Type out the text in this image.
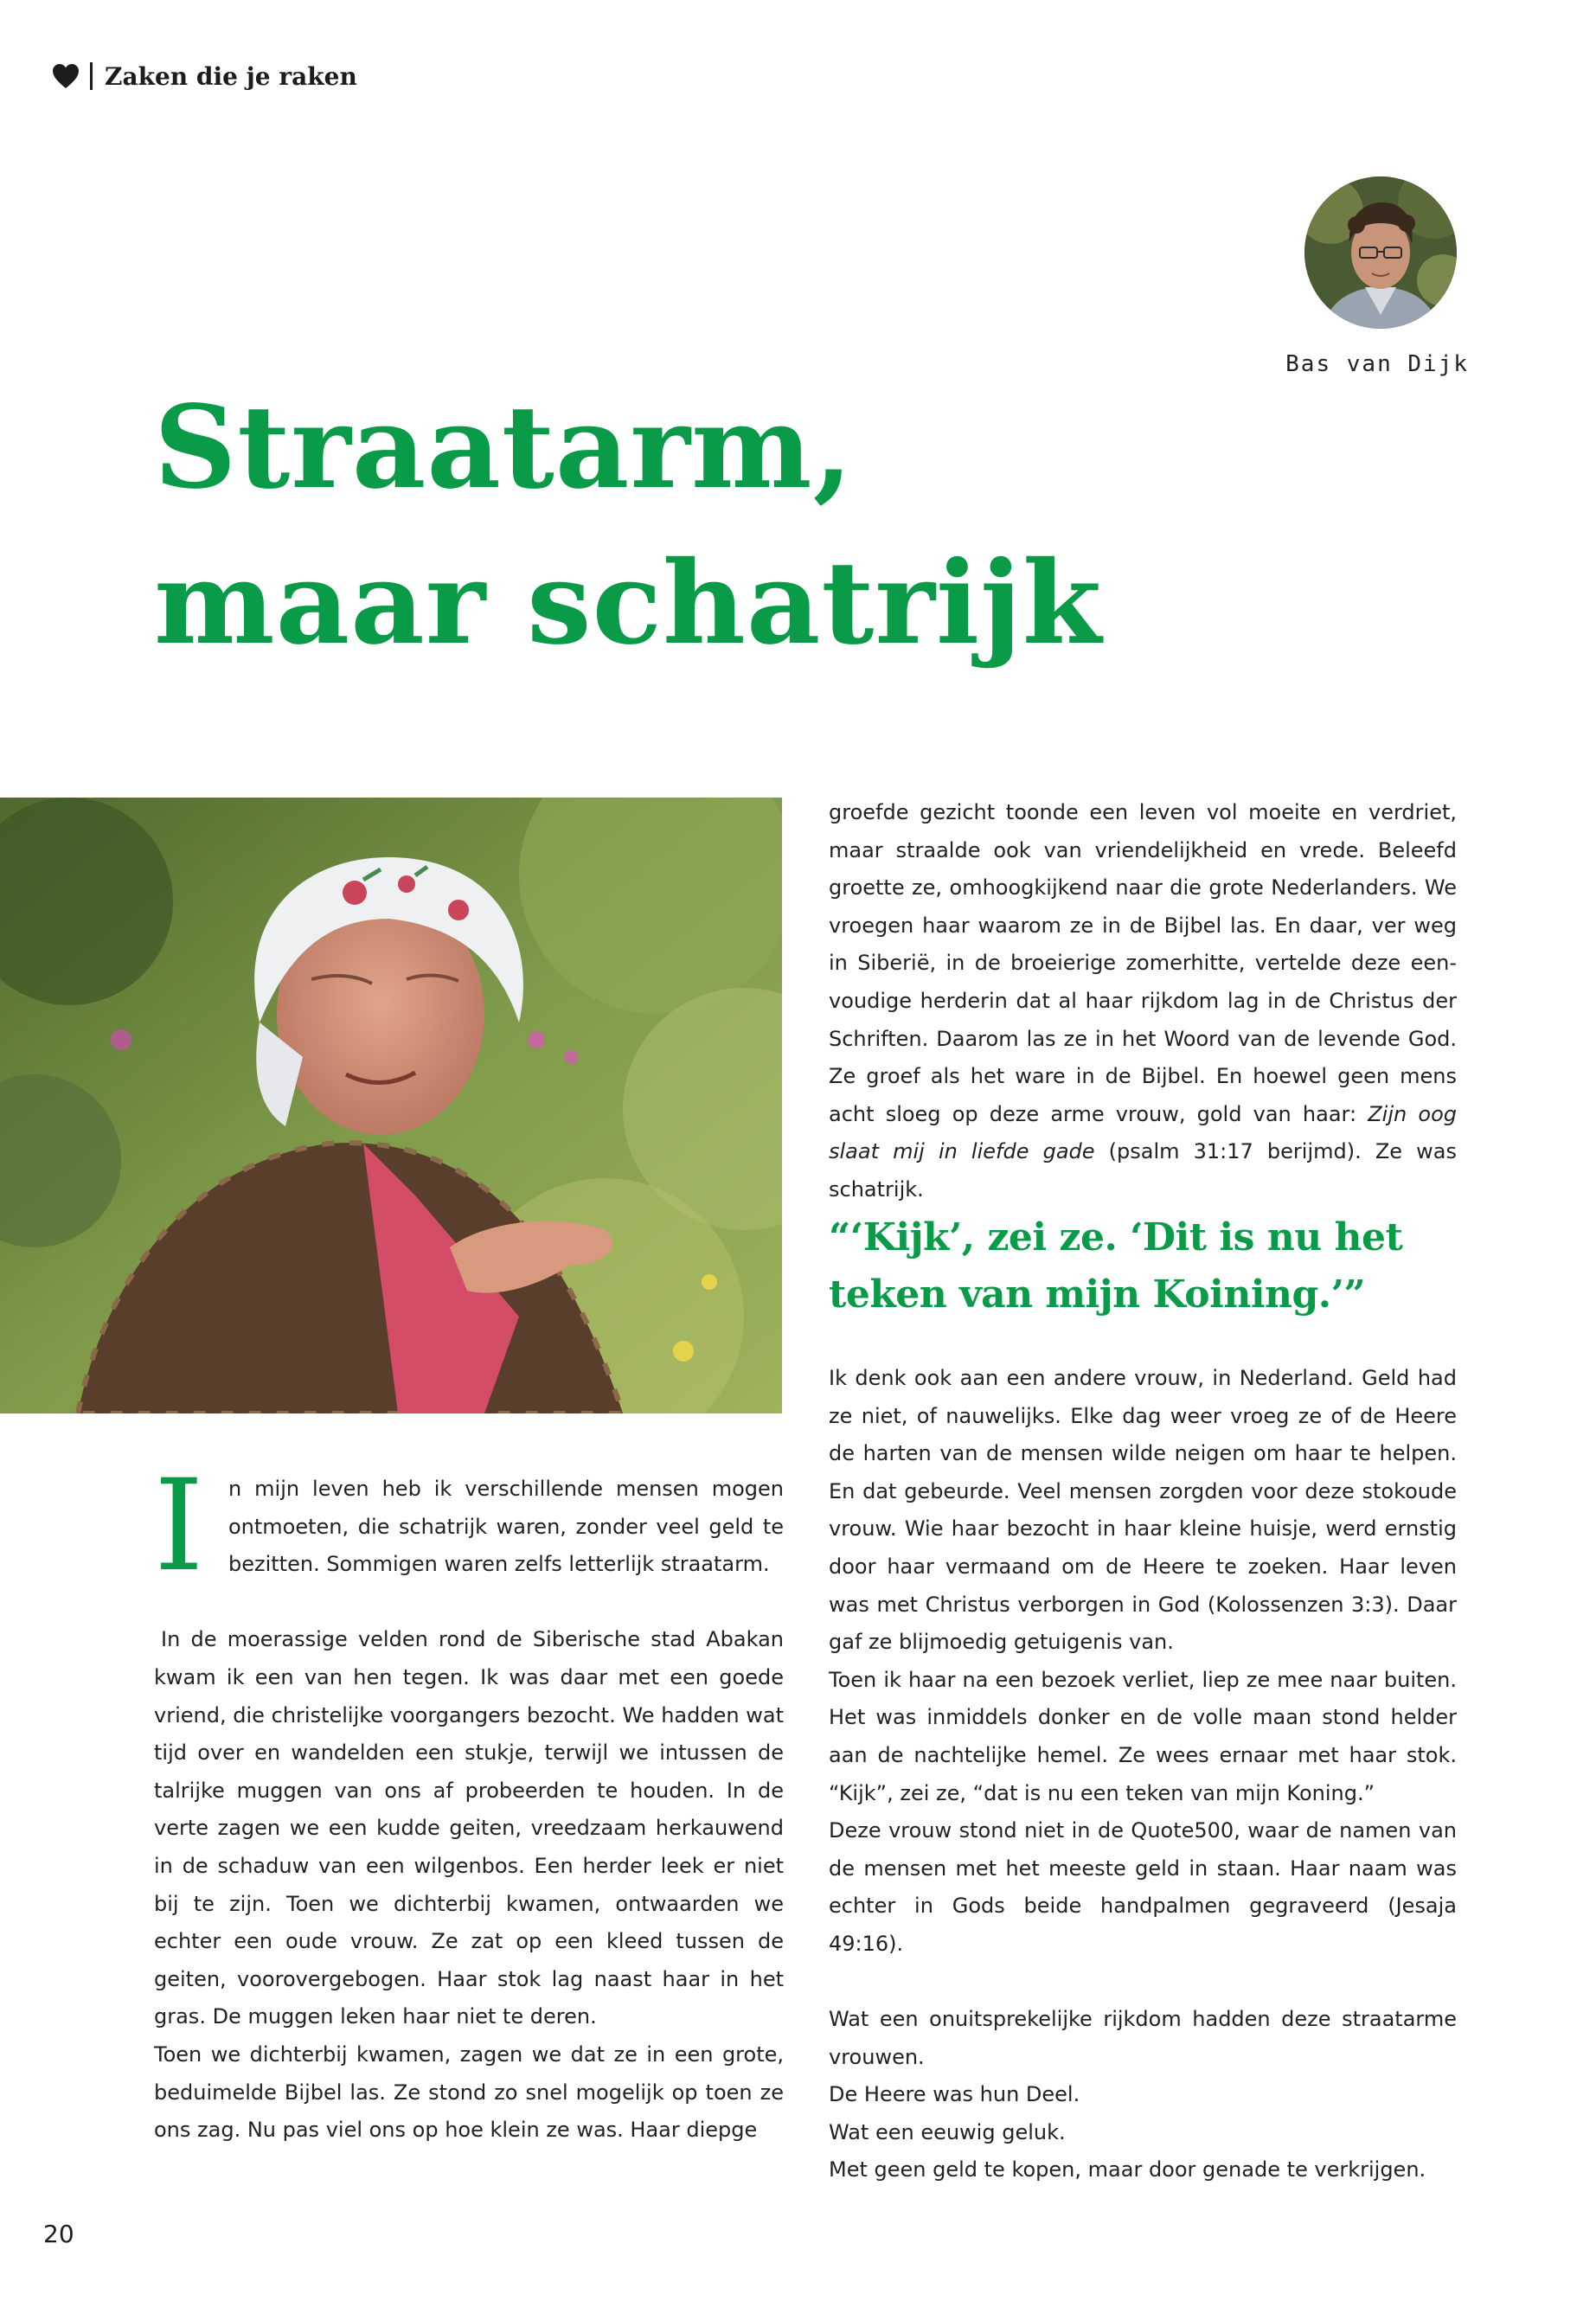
Zaken die je raken
Bas van Dijk
Straatarm,
maar schatrijk
I	n mijn leven heb ik verschillende mensen mogen ontmoeten, die schatrijk waren, zonder veel geld te bezitten. Sommigen waren zelfs letterlijk straatarm.

In de moerassige velden rond de Siberische stad Abakan kwam ik een van hen tegen. Ik was daar met een goede vriend, die christelijke voorgangers bezocht. We hadden wat tijd over en wandelden een stukje, terwijl we intussen de talrijke muggen van ons af probeerden te houden. In de verte zagen we een kudde geiten, vreedzaam herkauwend in de schaduw van een wilgenbos. Een herder leek er niet bij te zijn. Toen we dichterbij kwamen, ontwaarden we echter een oude vrouw. Ze zat op een kleed tussen de geiten, voorovergebogen. Haar stok lag naast haar in het gras. De muggen leken haar niet te deren.

Toen we dichterbij kwamen, zagen we dat ze in een grote, beduimelde Bijbel las. Ze stond zo snel mogelijk op toen ze ons zag. Nu pas viel ons op hoe klein ze was. Haar diepge

groefde gezicht toonde een leven vol moeite en verdriet, maar straalde ook van vriendelijkheid en vrede. Beleefd groette ze, omhoogkijkend naar die grote Nederlanders. We vroegen haar waarom ze in de Bijbel las. En daar, ver weg in Siberië, in de broeierige zomerhitte, vertelde deze eenvoudige herderin dat al haar rijkdom lag in de Christus der Schriften. Daarom las ze in het Woord van de levende God. Ze groef als het ware in de Bijbel. En hoewel geen mens acht sloeg op deze arme vrouw, gold van haar: Zijn oog slaat mij in liefde gade (psalm 31:17 berijmd). Ze was schatrijk.

“‘Kijk’, zei ze. ‘Dit is nu het teken van mijn Koining.’”

Ik denk ook aan een andere vrouw, in Nederland. Geld had ze niet, of nauwelijks. Elke dag weer vroeg ze of de Heere de harten van de mensen wilde neigen om haar te helpen. En dat gebeurde. Veel mensen zorgden voor deze stokoude vrouw. Wie haar bezocht in haar kleine huisje, werd ernstig door haar vermaand om de Heere te zoeken. Haar leven was met Christus verborgen in God (Kolossenzen 3:3). Daar gaf ze blijmoedig getuigenis van.

Toen ik haar na een bezoek verliet, liep ze mee naar buiten. Het was inmiddels donker en de volle maan stond helder aan de nachtelijke hemel. Ze wees ernaar met haar stok. “Kijk”, zei ze, “dat is nu een teken van mijn Koning.”

Deze vrouw stond niet in de Quote500, waar de namen van de mensen met het meeste geld in staan. Haar naam was echter in Gods beide handpalmen gegraveerd (Jesaja 49:16).

Wat een onuitsprekelijke rijkdom hadden deze straatarme vrouwen.

De Heere was hun Deel.

Wat een eeuwig geluk.

Met geen geld te kopen, maar door genade te verkrijgen.

20
